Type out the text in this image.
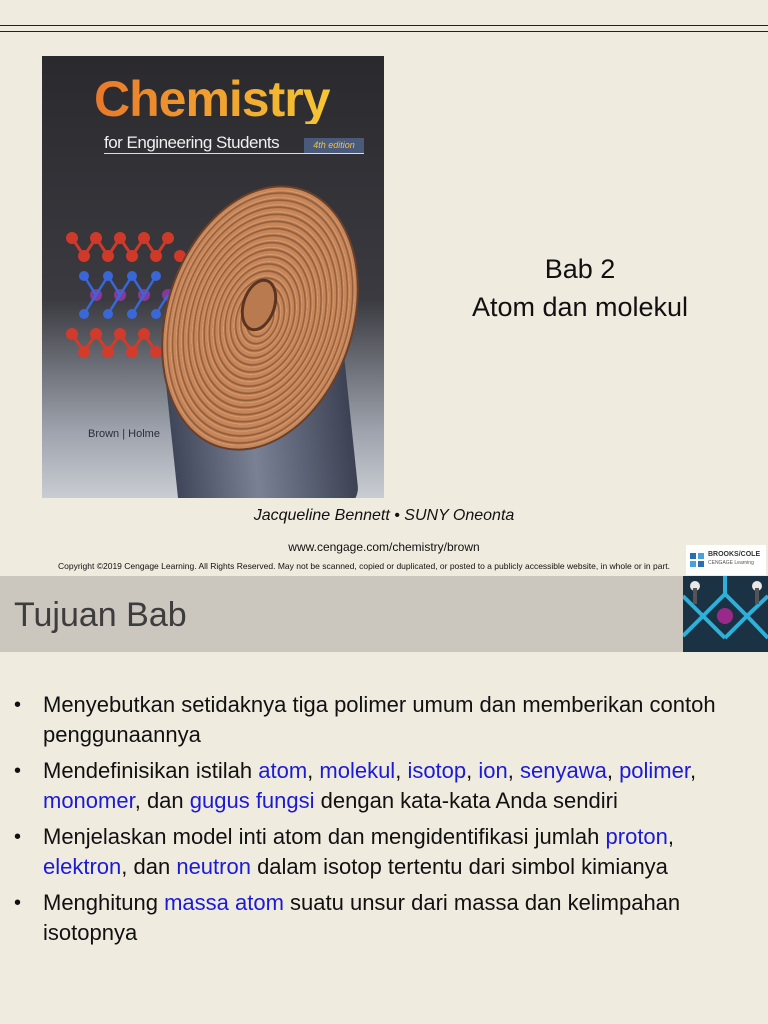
Chemistry
for Engineering Students	4th edition
Brown | Holme
Bab 2
Atom dan molekul
Jacqueline Bennett • SUNY Oneonta
www.cengage.com/chemistry/brown
Copyright ©2019 Cengage Learning. All Rights Reserved. May not be scanned, copied or duplicated, or posted to a publicly accessible website, in whole or in part.
BROOKS/COLE
CENGAGE Learning
Tujuan Bab
• Menyebutkan setidaknya tiga polimer umum dan memberikan contoh penggunaannya
• Mendefinisikan istilah atom, molekul, isotop, ion, senyawa, polimer, monomer, dan gugus fungsi dengan kata-kata Anda sendiri
• Menjelaskan model inti atom dan mengidentifikasi jumlah proton, elektron, dan neutron dalam isotop tertentu dari simbol kimianya
• Menghitung massa atom suatu unsur dari massa dan kelimpahan isotopnya
